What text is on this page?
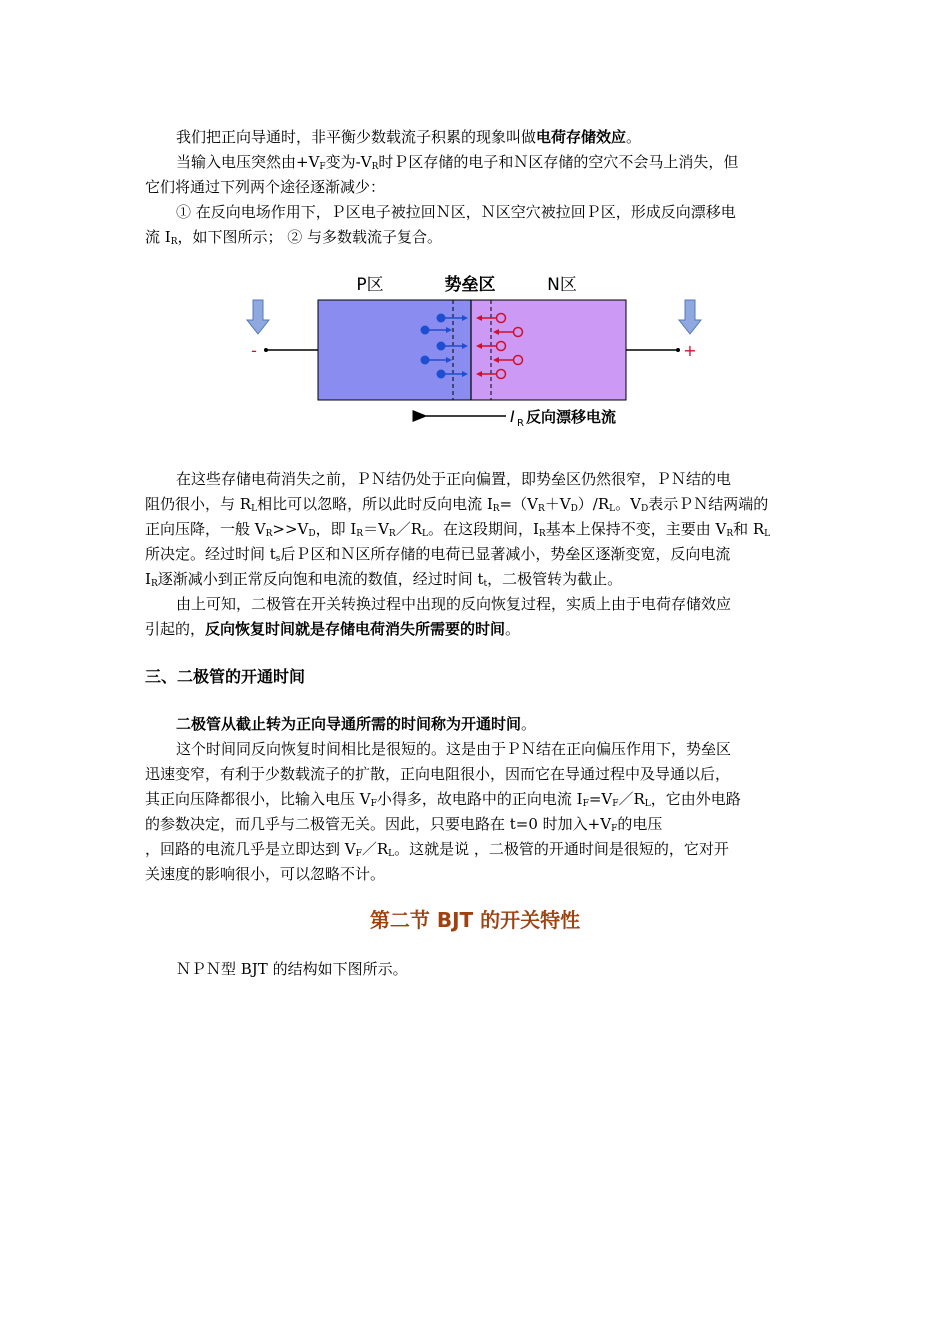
我们把正向导通时，非平衡少数载流子积累的现象叫做电荷存储效应。
当输入电压突然由$+V_F$变为$-V_R$时Ｐ区存储的电子和Ｎ区存储的空穴不会马上消失，但
它们将通过下列两个途径逐渐减少：
① 在反向电场作用下，Ｐ区电子被拉回Ｎ区，Ｎ区空穴被拉回Ｐ区，形成反向漂移电
流 $I_R$，如下图所示； ② 与多数载流子复合。
P区	势垒区	N区
-	+
I R 反向漂移电流
在这些存储电荷消失之前，ＰＮ结仍处于正向偏置，即势垒区仍然很窄，ＰＮ结的电
阻仍很小，与 $R_L$相比可以忽略，所以此时反向电流 $I_R=(V_R+V_D)/R_L$。$V_D$表示ＰＮ结两端的
正向压降，一般 $V_R>>V_D$，即 $I_R=V_R/R_L$。在这段期间，$I_R$基本上保持不变，主要由 $V_R$和 $R_L$
所决定。经过时间 $t_s$后Ｐ区和Ｎ区所存储的电荷已显著减小，势垒区逐渐变宽，反向电流
$I_R$逐渐减小到正常反向饱和电流的数值，经过时间 $t_t$，二极管转为截止。
由上可知，二极管在开关转换过程中出现的反向恢复过程，实质上由于电荷存储效应
引起的，反向恢复时间就是存储电荷消失所需要的时间。
三、二极管的开通时间
二极管从截止转为正向导通所需的时间称为开通时间。
这个时间同反向恢复时间相比是很短的。这是由于ＰＮ结在正向偏压作用下，势垒区
迅速变窄，有利于少数载流子的扩散，正向电阻很小，因而它在导通过程中及导通以后，
其正向压降都很小，比输入电压 $V_F$小得多，故电路中的正向电流 $I_F=V_F/R_L$，它由外电路
的参数决定，而几乎与二极管无关。因此，只要电路在 t=0 时加入$+V_F$的电压
，回路的电流几乎是立即达到 $V_F/R_L$。这就是说 ，二极管的开通时间是很短的，它对开
关速度的影响很小，可以忽略不计。
第二节 BJT 的开关特性
ＮＰＮ型 BJT 的结构如下图所示。
